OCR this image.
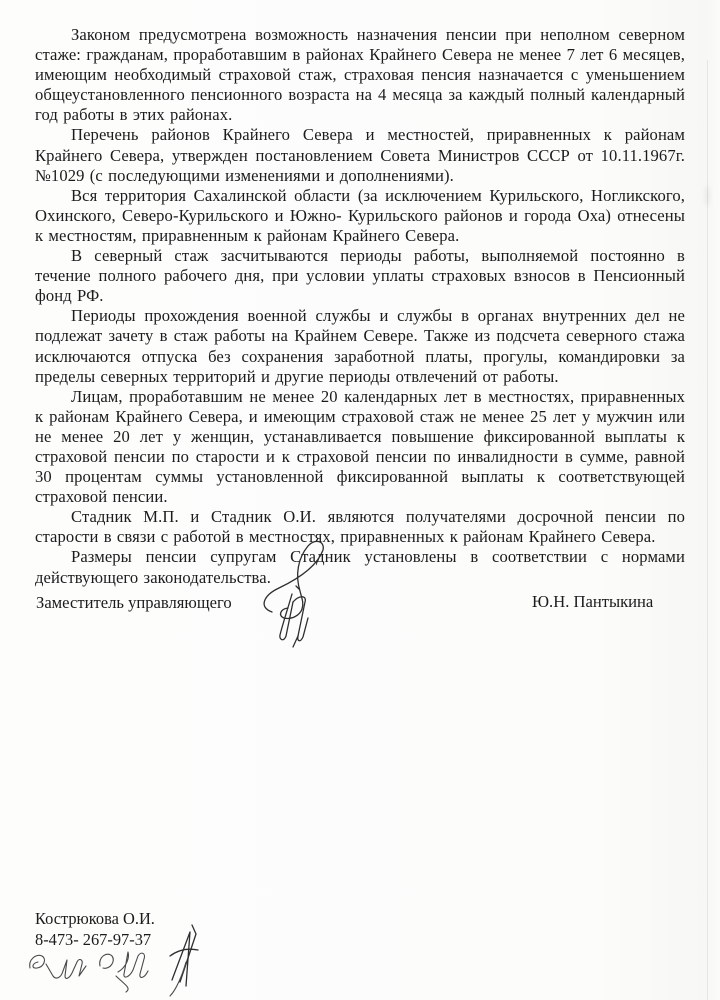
Законом предусмотрена возможность назначения пенсии при неполном северном стаже: гражданам, проработавшим в районах Крайнего Севера не менее 7 лет 6 месяцев, имеющим необходимый страховой стаж, страховая пенсия назначается с уменьшением общеустановленного пенсионного возраста на 4 месяца за каждый полный календарный год работы в этих районах.

Перечень районов Крайнего Севера и местностей, приравненных к районам Крайнего Севера, утвержден постановлением Совета Министров СССР от 10.11.1967г. №1029 (с последующими изменениями и дополнениями).

Вся территория Сахалинской области (за исключением Курильского, Ногликского, Охинского, Северо-Курильского и Южно- Курильского районов и города Оха) отнесены к местностям, приравненным к районам Крайнего Севера.

В северный стаж засчитываются периоды работы, выполняемой постоянно в течение полного рабочего дня, при условии уплаты страховых взносов в Пенсионный фонд РФ.

Периоды прохождения военной службы и службы в органах внутренних дел не подлежат зачету в стаж работы на Крайнем Севере. Также из подсчета северного стажа исключаются отпуска без сохранения заработной платы, прогулы, командировки за пределы северных территорий и другие периоды отвлечений от работы.

Лицам, проработавшим не менее 20 календарных лет в местностях, приравненных к районам Крайнего Севера, и имеющим страховой стаж не менее 25 лет у мужчин или не менее 20 лет у женщин, устанавливается повышение фиксированной выплаты к страховой пенсии по старости и к страховой пенсии по инвалидности в сумме, равной 30 процентам суммы установленной фиксированной выплаты к соответствующей страховой пенсии.

Стадник М.П. и Стадник О.И. являются получателями досрочной пенсии по старости в связи с работой в местностях, приравненных к районам Крайнего Севера.

Размеры пенсии супругам Стадник установлены в соответствии с нормами действующего законодательства.

Заместитель управляющего	Ю.Н. Пантыкина
Кострюкова О.И.
8-473- 267-97-37
